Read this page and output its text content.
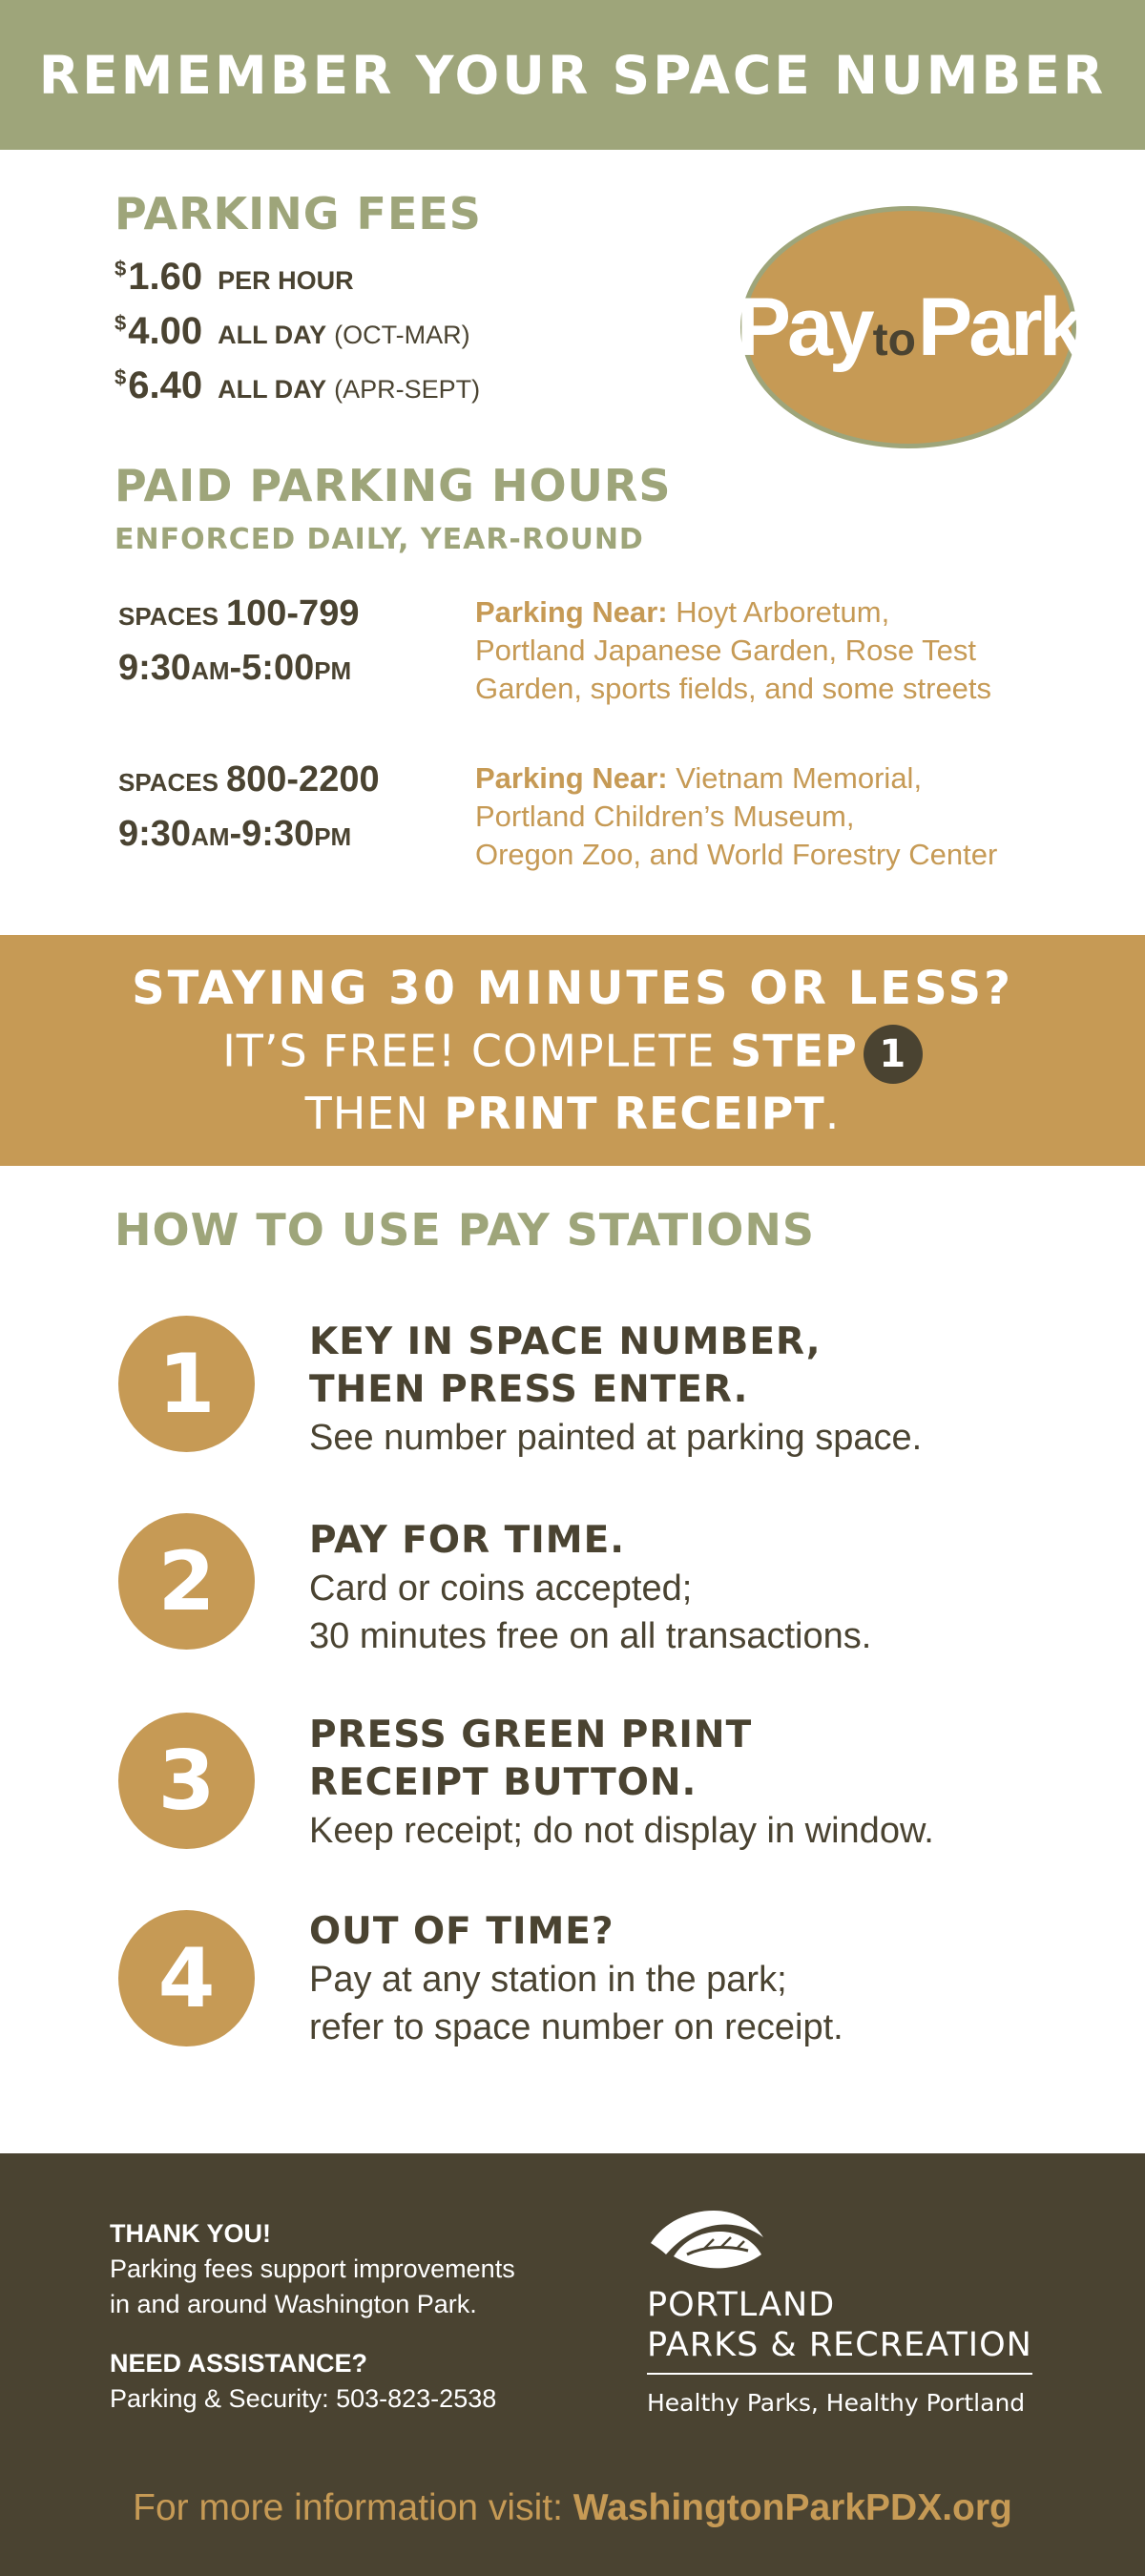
REMEMBER YOUR SPACE NUMBER
PARKING FEES
$1.60 PER HOUR
$4.00 ALL DAY (OCT-MAR)
$6.40 ALL DAY (APR-SEPT)
PaytoPark
PAID PARKING HOURS
ENFORCED DAILY, YEAR-ROUND
SPACES 100-799
9:30AM-5:00PM
Parking Near: Hoyt Arboretum,
Portland Japanese Garden, Rose Test
Garden, sports fields, and some streets
SPACES 800-2200
9:30AM-9:30PM
Parking Near: Vietnam Memorial,
Portland Children’s Museum,
Oregon Zoo, and World Forestry Center
STAYING 30 MINUTES OR LESS?
IT’S FREE! COMPLETE STEP 1
THEN PRINT RECEIPT.
HOW TO USE PAY STATIONS
1	KEY IN SPACE NUMBER,
THEN PRESS ENTER.
See number painted at parking space.
2	PAY FOR TIME.
Card or coins accepted;
30 minutes free on all transactions.
3	PRESS GREEN PRINT
RECEIPT BUTTON.
Keep receipt; do not display in window.
4	OUT OF TIME?
Pay at any station in the park;
refer to space number on receipt.
THANK YOU!
Parking fees support improvements
in and around Washington Park.
NEED ASSISTANCE?
Parking & Security: 503-823-2538
PORTLAND
PARKS & RECREATION
Healthy Parks, Healthy Portland
For more information visit: WashingtonParkPDX.org
